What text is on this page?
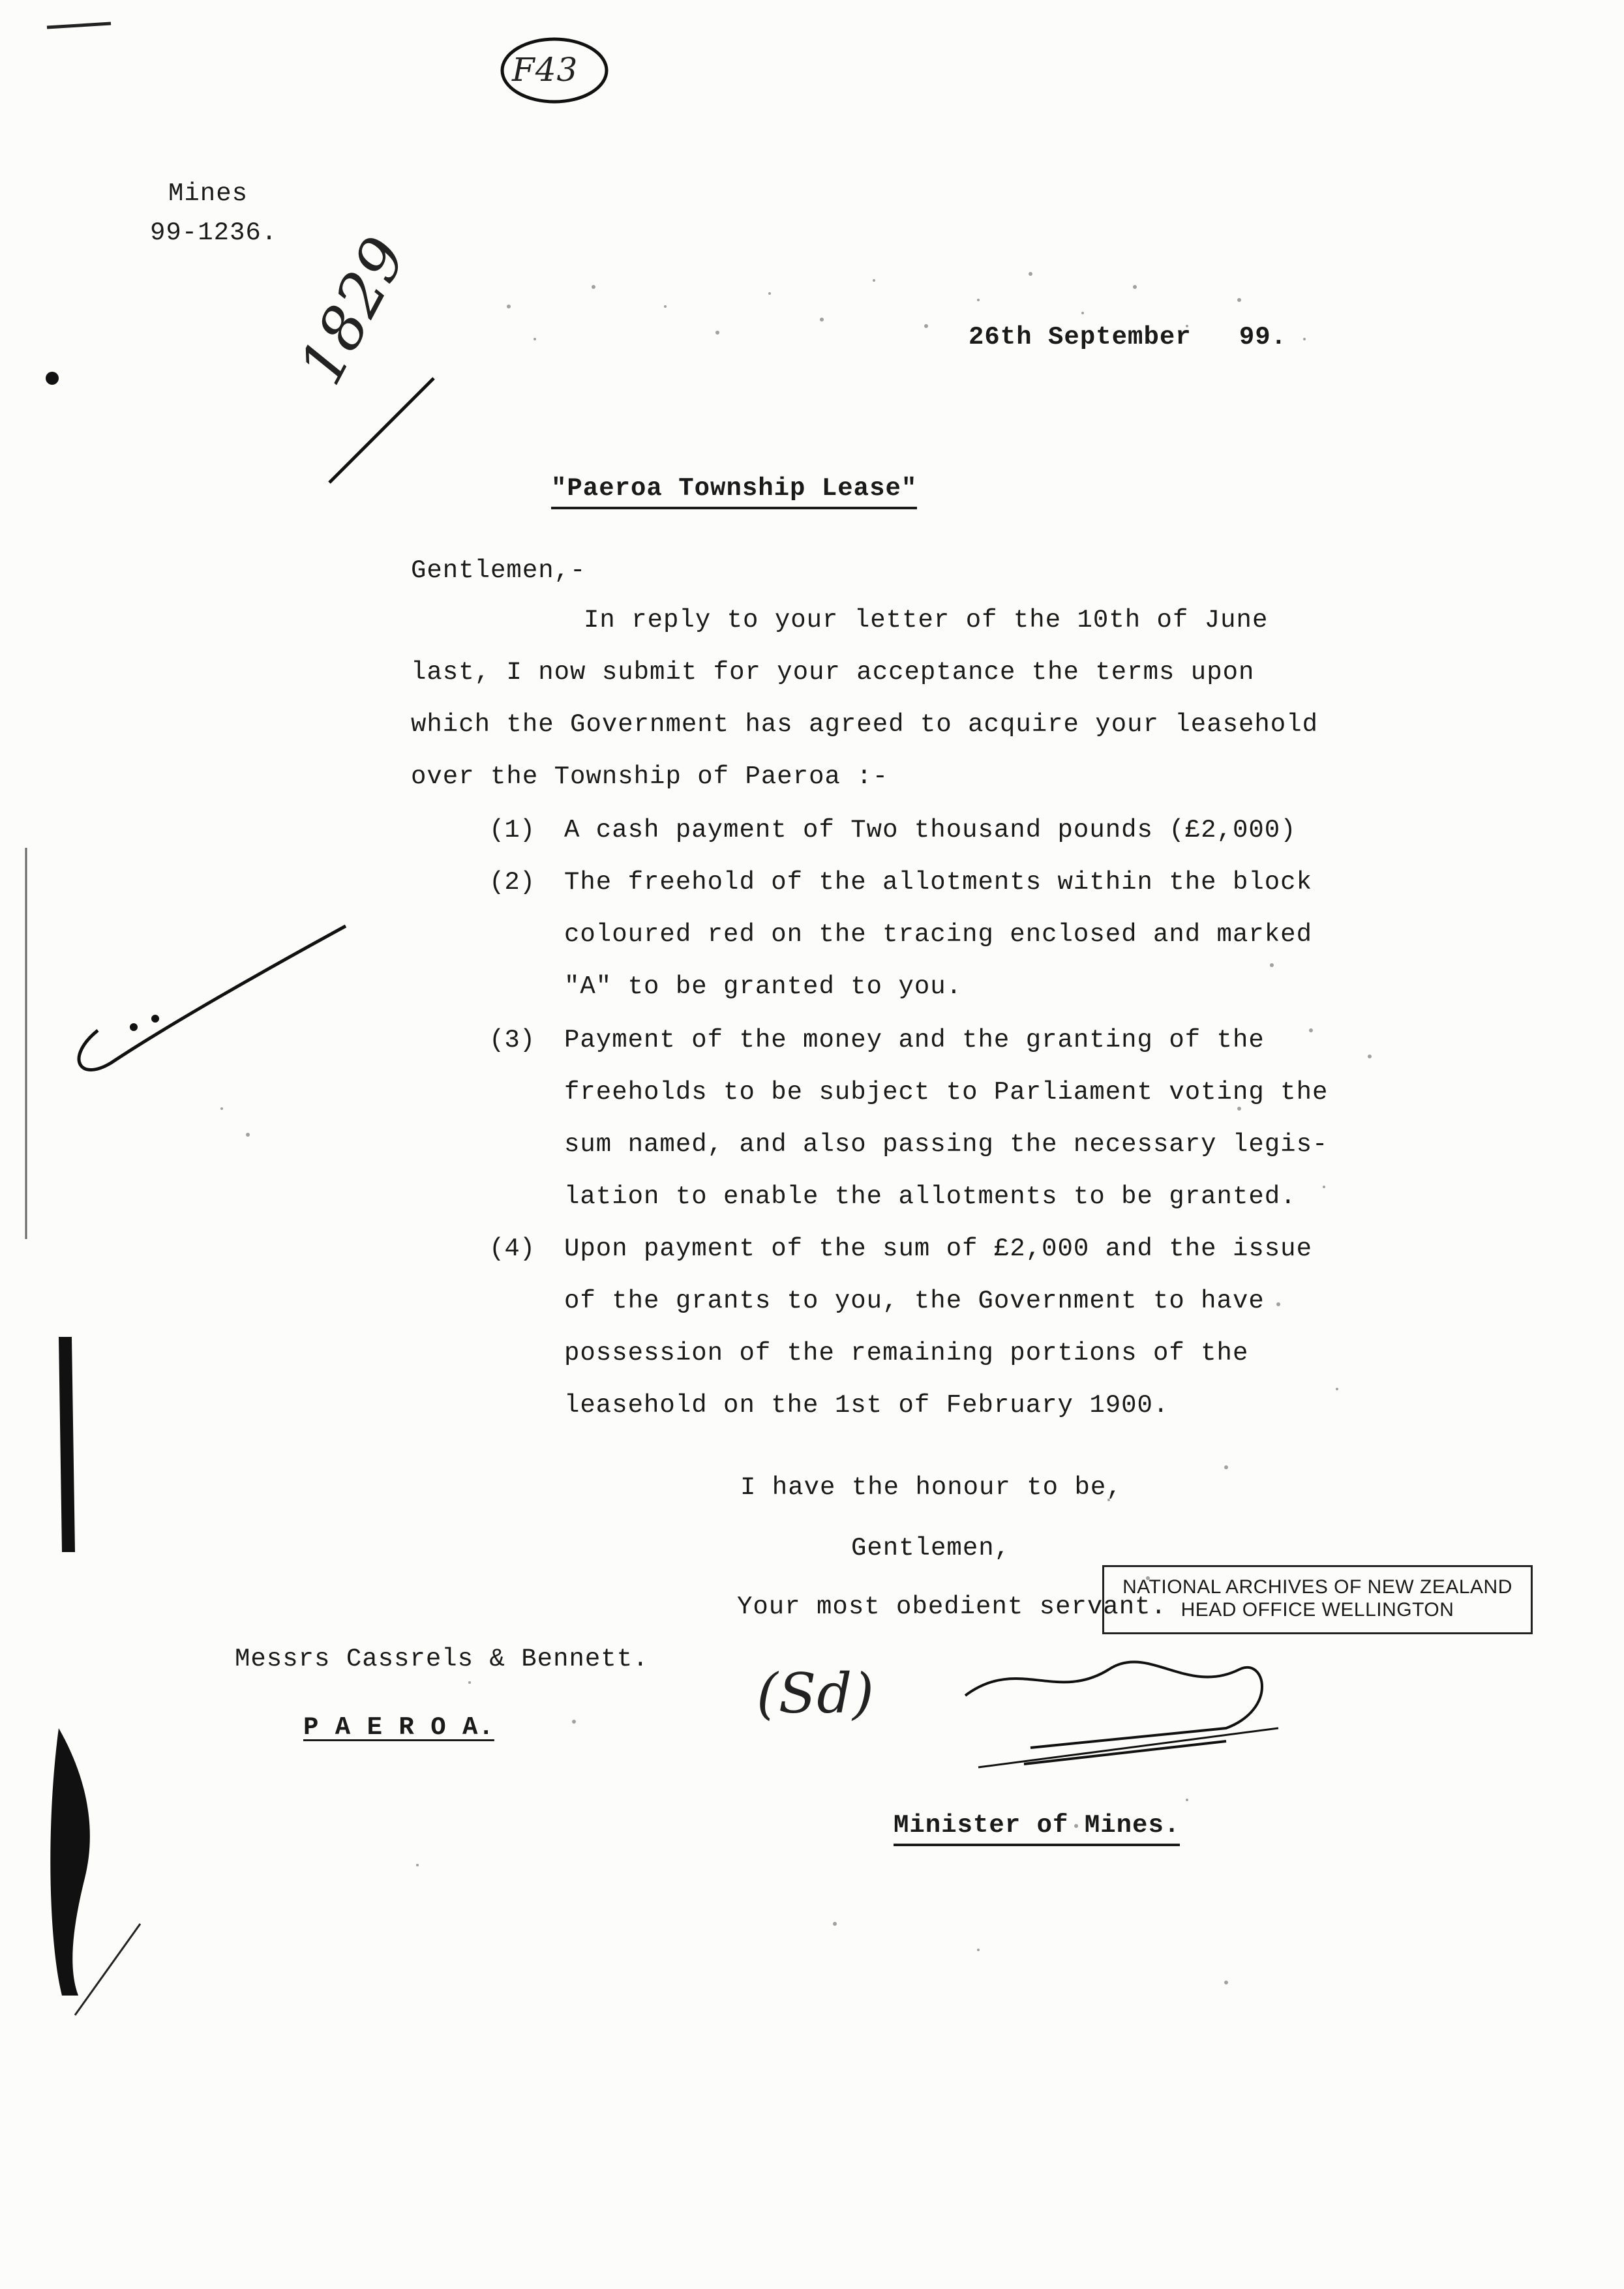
F43
1829
Mines
99-1236.
26th September   99.
"Paeroa Township Lease"
Gentlemen,-
In reply to your letter of the 10th of June
last, I now submit for your acceptance the terms upon
which the Government has agreed to acquire your leasehold
over the Township of Paeroa :-
(1) A cash payment of Two thousand pounds (£2,000)
(2) The freehold of the allotments within the block
coloured red on the tracing enclosed and marked
"A" to be granted to you.
(3) Payment of the money and the granting of the
freeholds to be subject to Parliament voting the
sum named, and also passing the necessary legis-
lation to enable the allotments to be granted.
(4) Upon payment of the sum of £2,000 and the issue
of the grants to you, the Government to have
possession of the remaining portions of the
leasehold on the 1st of February 1900.
I have the honour to be,
Gentlemen,
Your most obedient servant.
Messrs Cassrels & Bennett.
P A E R O A.
(Sd)
Minister of Mines.
NATIONAL ARCHIVES OF NEW ZEALAND
HEAD OFFICE WELLINGTON
